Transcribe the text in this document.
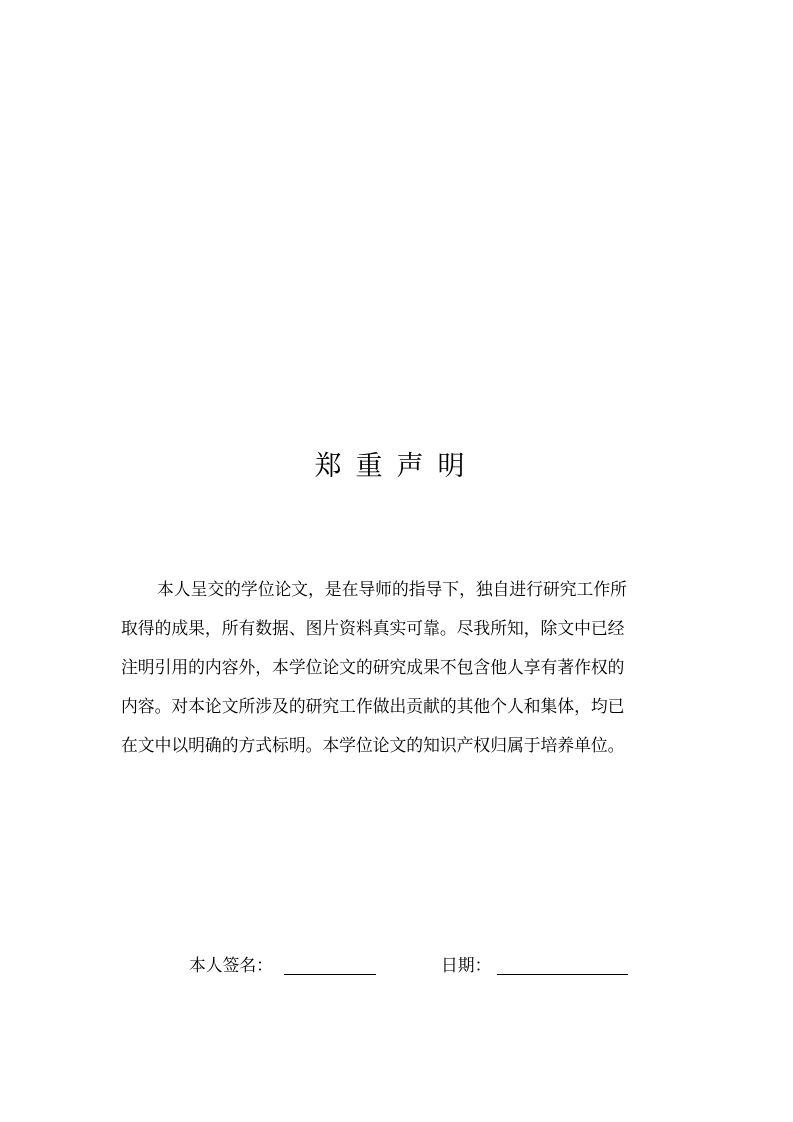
郑重声明
本人呈交的学位论文，是在导师的指导下，独自进行研究工作所
取得的成果，所有数据、图片资料真实可靠。尽我所知，除文中已经
注明引用的内容外，本学位论文的研究成果不包含他人享有著作权的
内容。对本论文所涉及的研究工作做出贡献的其他个人和集体，均已
在文中以明确的方式标明。本学位论文的知识产权归属于培养单位。
本人签名：	日期：
